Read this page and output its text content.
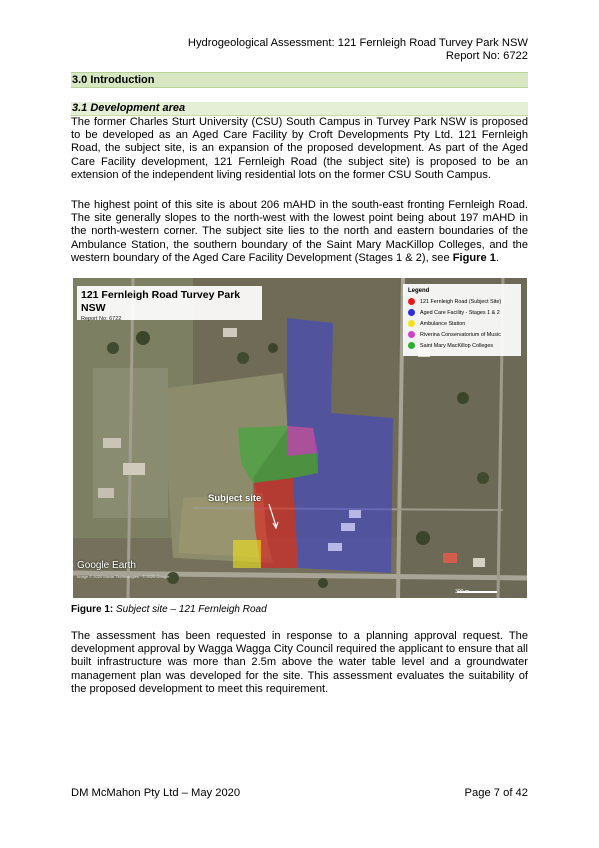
Hydrogeological Assessment: 121 Fernleigh Road Turvey Park NSW
Report No: 6722
3.0 Introduction
3.1 Development area
The former Charles Sturt University (CSU) South Campus in Turvey Park NSW is proposed to be developed as an Aged Care Facility by Croft Developments Pty Ltd. 121 Fernleigh Road, the subject site, is an expansion of the proposed development. As part of the Aged Care Facility development, 121 Fernleigh Road (the subject site) is proposed to be an extension of the independent living residential lots on the former CSU South Campus.
The highest point of this site is about 206 mAHD in the south-east fronting Fernleigh Road. The site generally slopes to the north-west with the lowest point being about 197 mAHD in the north-western corner. The subject site lies to the north and eastern boundaries of the Ambulance Station, the southern boundary of the Saint Mary MacKillop Colleges, and the western boundary of the Aged Care Facility Development (Stages 1 & 2), see Figure 1.
121 Fernleigh Road Turvey Park NSW
Report No: 6722
Legend
121 Fernleigh Road (Subject Site)
Aged Care Facility - Stages 1 & 2
Ambulance Station
Riverina Conservatorium of Music
Saint Mary MacKillop Colleges
Subject site
Google Earth
Image © 2020 Maxar Technologies · © 2020 Google
300 m
Figure 1: Subject site – 121 Fernleigh Road
The assessment has been requested in response to a planning approval request. The development approval by Wagga Wagga City Council required the applicant to ensure that all built infrastructure was more than 2.5m above the water table level and a groundwater management plan was developed for the site. This assessment evaluates the suitability of the proposed development to meet this requirement.
DM McMahon Pty Ltd – May 2020	Page 7 of 42
